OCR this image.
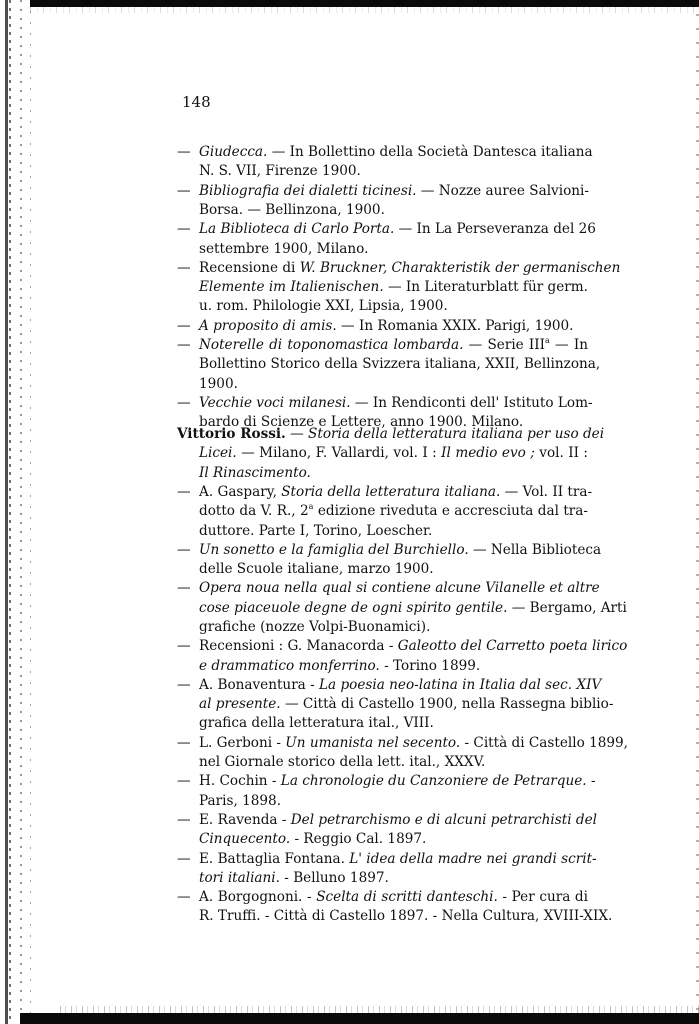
148
— Giudecca. — In Bollettino della Società Dantesca italiana
N. S. VII, Firenze 1900.
— Bibliografia dei dialetti ticinesi. — Nozze auree Salvioni-
Borsa. — Bellinzona, 1900.
— La Biblioteca di Carlo Porta. — In La Perseveranza del 26
settembre 1900, Milano.
— Recensione di W. Bruckner, Charakteristik der germanischen
Elemente im Italienischen. — In Literaturblatt für germ.
u. rom. Philologie XXI, Lipsia, 1900.
— A proposito di amis. — In Romania XXIX. Parigi, 1900.
— Noterelle di toponomastica lombarda. — Serie III$^a$ — In
Bollettino Storico della Svizzera italiana, XXII, Bellinzona,
1900.
— Vecchie voci milanesi. — In Rendiconti dell' Istituto Lom-
bardo di Scienze e Lettere, anno 1900. Milano.
Vittorio Rossi. — Storia della letteratura italiana per uso dei
Licei. — Milano, F. Vallardi, vol. I : Il medio evo ; vol. II :
Il Rinascimento.
— A. Gaspary, Storia della letteratura italiana. — Vol. II tra-
dotto da V. R., 2$^a$ edizione riveduta e accresciuta dal tra-
duttore. Parte I, Torino, Loescher.
— Un sonetto e la famiglia del Burchiello. — Nella Biblioteca
delle Scuole italiane, marzo 1900.
— Opera noua nella qual si contiene alcune Vilanelle et altre
cose piaceuole degne de ogni spirito gentile. — Bergamo, Arti
grafiche (nozze Volpi-Buonamici).
— Recensioni : G. Manacorda - Galeotto del Carretto poeta lirico
e drammatico monferrino. - Torino 1899.
— A. Bonaventura - La poesia neo-latina in Italia dal sec. XIV
al presente. — Città di Castello 1900, nella Rassegna biblio-
grafica della letteratura ital., VIII.
— L. Gerboni - Un umanista nel secento. - Città di Castello 1899,
nel Giornale storico della lett. ital., XXXV.
— H. Cochin - La chronologie du Canzoniere de Petrarque. -
Paris, 1898.
— E. Ravenda - Del petrarchismo e di alcuni petrarchisti del
Cinquecento. - Reggio Cal. 1897.
— E. Battaglia Fontana. L' idea della madre nei grandi scrit-
tori italiani. - Belluno 1897.
— A. Borgognoni. - Scelta di scritti danteschi. - Per cura di
R. Truffi. - Città di Castello 1897. - Nella Cultura, XVIII-XIX.
